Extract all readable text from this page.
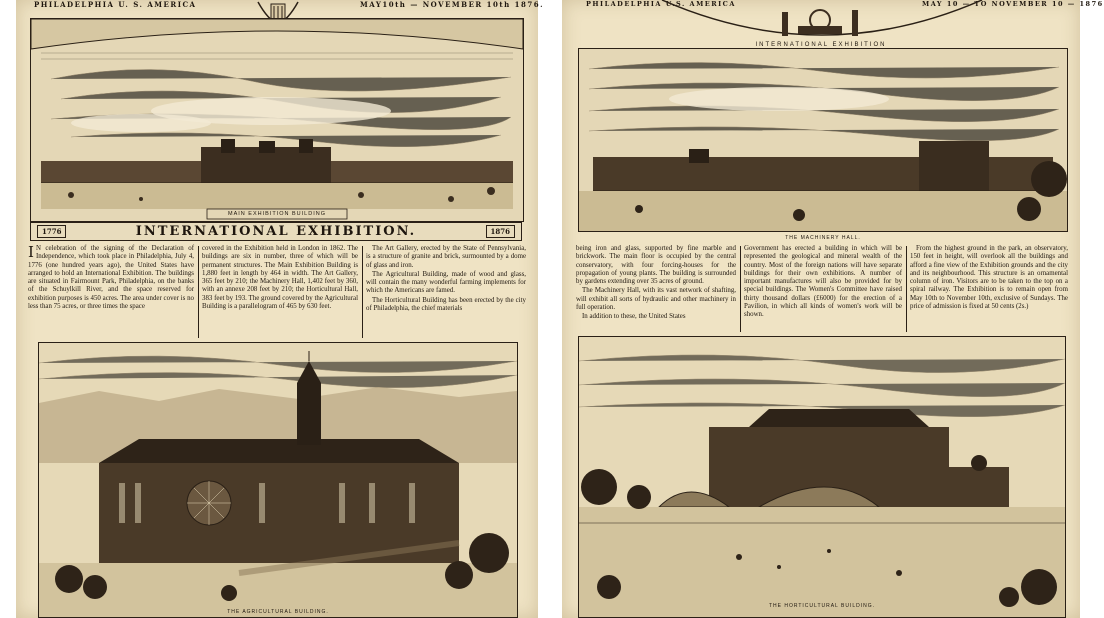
PHILADELPHIA U. S. AMERICA	MAY10th — NOVEMBER 10th 1876.
MAIN EXHIBITION BUILDING
1776	INTERNATIONAL EXHIBITION.	1876

I N celebration of the signing of the Declaration of Independence, which took place in Philadelphia, July 4, 1776 (one hundred years ago), the United States have arranged to hold an International Exhibition. The buildings are situated in Fairmount Park, Philadelphia, on the banks of the Schuylkill River, and the space reserved for exhibition purposes is 450 acres. The area under cover is no less than 75 acres, or three times the space

covered in the Exhibition held in London in 1862. The buildings are six in number, three of which will be permanent structures. The Main Exhibition Building is 1,880 feet in length by 464 in width. The Art Gallery, 365 feet by 210; the Machinery Hall, 1,402 feet by 360, with an annexe 208 feet by 210; the Horticultural Hall, 383 feet by 193. The ground covered by the Agricultural Building is a parallelogram of 465 by 630 feet.

The Art Gallery, erected by the State of Pennsylvania, is a structure of granite and brick, surmounted by a dome of glass and iron.

The Agricultural Building, made of wood and glass, will contain the many wonderful farming implements for which the Americans are famed.

The Horticultural Building has been erected by the city of Philadelphia, the chief materials

THE AGRICULTURAL BUILDING.
PHILADELPHIA U.S. AMERICA	MAY 10 — TO NOVEMBER 10 — 1876
INTERNATIONAL EXHIBITION
THE MACHINERY HALL.

being iron and glass, supported by fine marble and brickwork. The main floor is occupied by the central conservatory, with four forcing-houses for the propagation of young plants. The building is surrounded by gardens extending over 35 acres of ground.

The Machinery Hall, with its vast network of shafting, will exhibit all sorts of hydraulic and other machinery in full operation.

In addition to these, the United States

Government has erected a building in which will be represented the geological and mineral wealth of the country. Most of the foreign nations will have separate buildings for their own exhibitions. A number of important manufactures will also be provided for by special buildings. The Women's Committee have raised thirty thousand dollars (£6000) for the erection of a Pavilion, in which all kinds of women's work will be shown.

From the highest ground in the park, an observatory, 150 feet in height, will overlook all the buildings and afford a fine view of the Exhibition grounds and the city and its neighbourhood. This structure is an ornamental column of iron. Visitors are to be taken to the top on a spiral railway. The Exhibition is to remain open from May 10th to November 10th, exclusive of Sundays. The price of admission is fixed at 50 cents (2s.)

THE HORTICULTURAL BUILDING.
